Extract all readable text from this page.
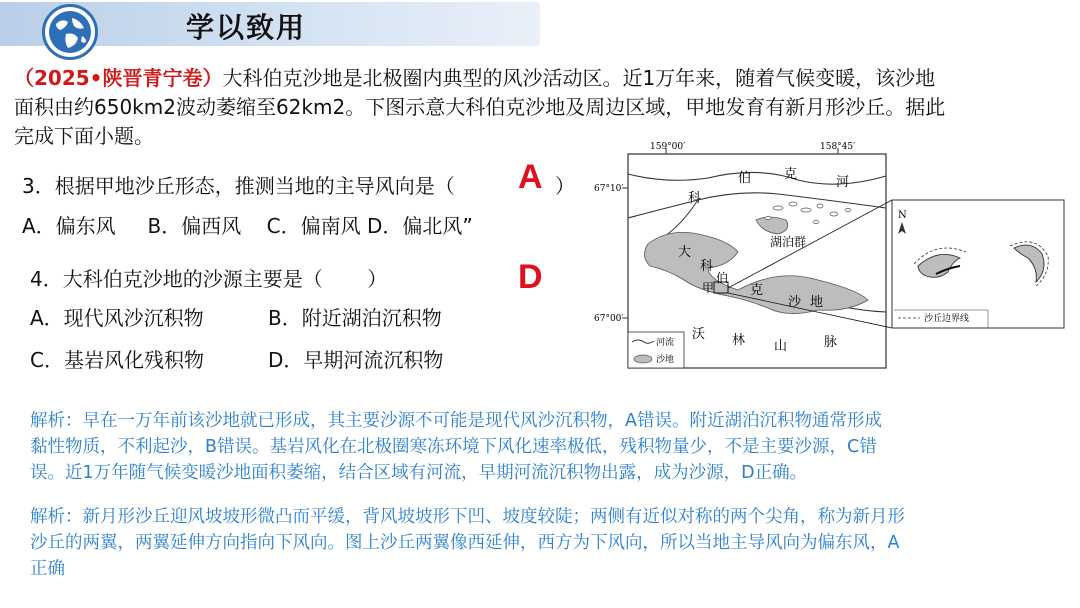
学以致用
（2025•陕晋青宁卷）大科伯克沙地是北极圈内典型的风沙活动区。近1万年来，随着气候变暖，该沙地
面积由约650km2波动萎缩至62km2。下图示意大科伯克沙地及周边区域，甲地发育有新月形沙丘。据此
完成下面小题。
3．根据甲地沙丘形态，推测当地的主导风向是（ A ）
A．偏东风     B．偏西风    C．偏南风 D．偏北风”
4．大科伯克沙地的沙源主要是（       ）	D
A．现代风沙沉积物	B．附近湖泊沉积物
C．基岩风化残积物	D．早期河流沉积物
159°00′	158°45′
67°10′
67°00′
科
伯	克
河
湖泊群
大
科
甲
伯
克
沙 地
沃 林 山	脉
河流
沙地
N
沙丘边界线
解析：早在一万年前该沙地就已形成，其主要沙源不可能是现代风沙沉积物，A错误。附近湖泊沉积物通常形成
黏性物质，不利起沙，B错误。基岩风化在北极圈寒冻环境下风化速率极低，残积物量少，不是主要沙源，C错
误。近1万年随气候变暖沙地面积萎缩，结合区域有河流，早期河流沉积物出露，成为沙源，D正确。
解析：新月形沙丘迎风坡坡形微凸而平缓，背风坡坡形下凹、坡度较陡；两侧有近似对称的两个尖角，称为新月形
沙丘的两翼，两翼延伸方向指向下风向。图上沙丘两翼像西延伸，西方为下风向，所以当地主导风向为偏东风，A
正确
